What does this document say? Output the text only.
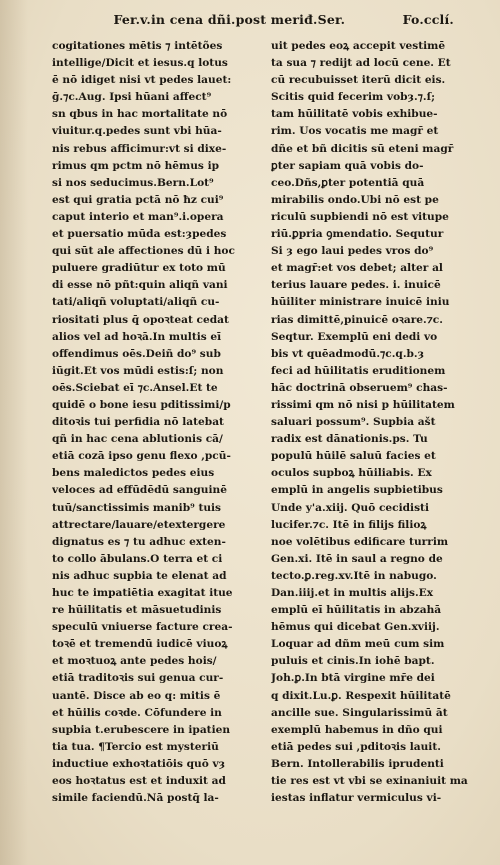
Fer.v.in cena dñi.post meriđ.Ser.	Fo.cclí.
cogitationes mētis ⁊ intētões
intellige/Dicit et iesus.q lotus
ē nō idiget nisi vt pedes lauet:
ḡ.⁊c.Aug. Ipsi hūani affect⁹
sn qbus in hac mortalitate nō
viuitur.q.pedes sunt vbi hūa-
nis rebus afficimur:vt si dixe-
rimus qm pctm nō hēmus ip
si nos seducimus.Bern.Lot⁹
est qui gratia pctā nō ħz cui⁹
caput interio et man⁹.i.opera
et puersatio mūda est:ȝpedes
qui sūt ale affectiones dū i hoc
puluere gradiūtur ex toto mū
di esse nō pñt:quin aliqñ vani
tati/aliqñ voluptati/aliqñ cu-
riositati plus q̄ opoꝛteat cedat
alios vel ad hoꝛā.In multis eī
offendimus oēs.Deiñ do⁹ sub
iūgit.Et vos mūdi estis:ſ; non
oēs.Sciebat eī ⁊c.Ansel.Et te
quidē o bone iesu pditissimi/p
ditoꝛis tui perfidia nō latebat
qñ in hac cena ablutionis cā/
etiā cozā ipso genu flexo ,pcū-
bens maledictos pedes eius
veloces ad effūdēdū sanguinē
tuū/sanctissimis manib⁹ tuis
attrectare/lauare/etextergere
dignatus es ⁊ tu adhuc exten-
to collo ābulans.O terra et ci
nis adhuc supbia te elenat ad
huc te impatiētia exagitat itue
re hūilitatis et māsuetudinis
speculū vniuerse facture crea-
toꝛē et tremendū iudicē viuoꝝ
et moꝛtuoꝝ ante pedes hois/
etiā traditoꝛis sui genua cur-
uantē. Disce ab eo q: mitis ē
et hūilis coꝛde. Cōfundere in
supbia t.erubescere in ipatien
tia tua. ¶Tercio est mysteriū
inductiue exhoꝛtatiōis quō vȝ
eos hoꝛtatus est et induxit ad
simile faciendū.Nā postq̄ la-
uit pedes eoꝝ accepit vestimē
ta sua ⁊ redijt ad locū cene. Et
cū recubuisset iterū dicit eis.
Scitis quid fecerim vobȝ.⁊.ſ;
tam hūilitatē vobis exhibue-
rim. Uos vocatis me magr̄ et
dñe et bñ dicitis sū eteni magr̄
ꝑter sapiam quā vobis do-
ceo.Dñs,ꝑter potentiā quā
mirabilis ondo.Ubi nō est pe
riculū supbiendi nō est vitupe
riū.ꝑpria ꝯmendatio. Sequtur
Si ȝ ego laui pedes vros do⁹
et magr̄:et vos debet; alter al
terius lauare pedes. i. inuicē
hūiliter ministrare inuicē iniu
rias dimittē,pinuicē oꝛare.⁊c.
Seqtur. Exemplū eni dedi vo
bis vt quēadmodū.⁊c.q.b.ȝ
feci ad hūilitatis eruditionem
hāc doctrinā obseruem⁹ chas-
rissimi qm nō nisi p hūilitatem
saluari possum⁹. Supbia ašt
radix est dānationis.ps. Tu
populū hūilē saluū facies et
oculos supboꝝ hūiliabis. Ex
emplū in angelis supbietibus
Unde y'a.xiij. Quō cecidisti
lucifer.⁊c. Itē in filijs filioꝝ
noe volētibus edificare turrim
Gen.xi. Itē in saul a regno de
tecto.ꝑ.reg.xv.Itē in nabugo.
Dan.iiij.et in multis alijs.Ex
emplū eī hūilitatis in abzahā
hēmus qui dicebat Gen.xviij.
Loquar ad dñm meū cum sim
puluis et cinis.In iohē bapt.
Joh.ꝑ.In btā virgine mr̄e dei
q dixit.Lu.ꝑ. Respexit hūilitatē
ancille sue. Singularissimū āt
exemplū habemus in dño qui
etiā pedes sui ,pditoꝛis lauit.
Bern. Intollerabilis iprudenti
tie res est vt vbi se exinaniuit ma
iestas inflatur vermiculus vi-
